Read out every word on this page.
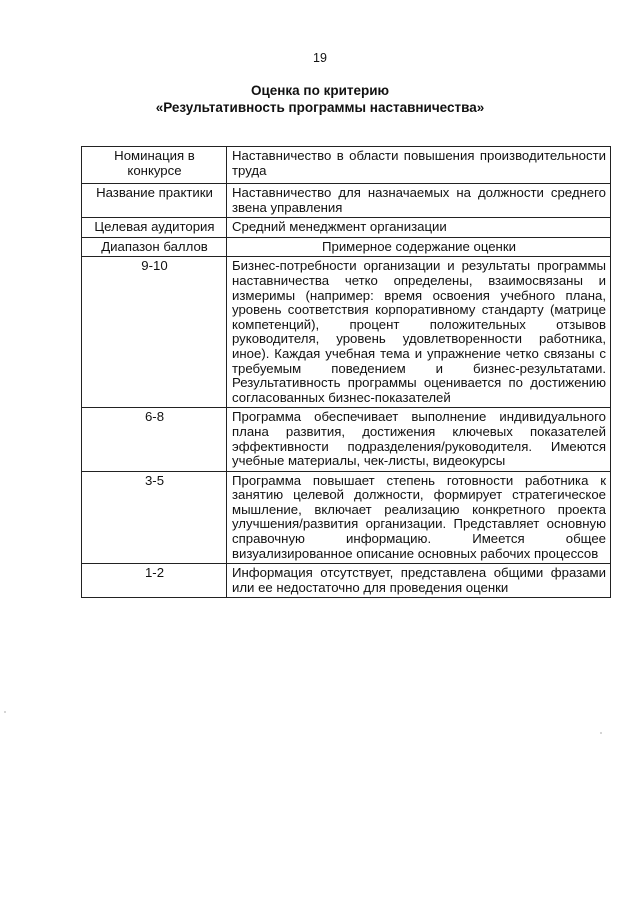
19
Оценка по критерию
«Результативность программы наставничества»
Номинация в конкурсе	Наставничество в области повышения производительности труда
Название практики	Наставничество для назначаемых на должности среднего звена управления
Целевая аудитория	Средний менеджмент организации
Диапазон баллов	Примерное содержание оценки
9-10	Бизнес-потребности организации и результаты программы наставничества четко определены, взаимосвязаны и измеримы (например: время освоения учебного плана, уровень соответствия корпоративному стандарту (матрице компетенций), процент положительных отзывов руководителя, уровень удовлетворенности работника, иное). Каждая учебная тема и упражнение четко связаны с требуемым поведением и бизнес-результатами. Результативность программы оценивается по достижению согласованных бизнес-показателей
6-8	Программа обеспечивает выполнение индивидуального плана развития, достижения ключевых показателей эффективности подразделения/руководителя. Имеются учебные материалы, чек-листы, видеокурсы
3-5	Программа повышает степень готовности работника к занятию целевой должности, формирует стратегическое мышление, включает реализацию конкретного проекта улучшения/развития организации. Представляет основную справочную информацию. Имеется общее визуализированное описание основных рабочих процессов
1-2	Информация отсутствует, представлена общими фразами или ее недостаточно для проведения оценки
